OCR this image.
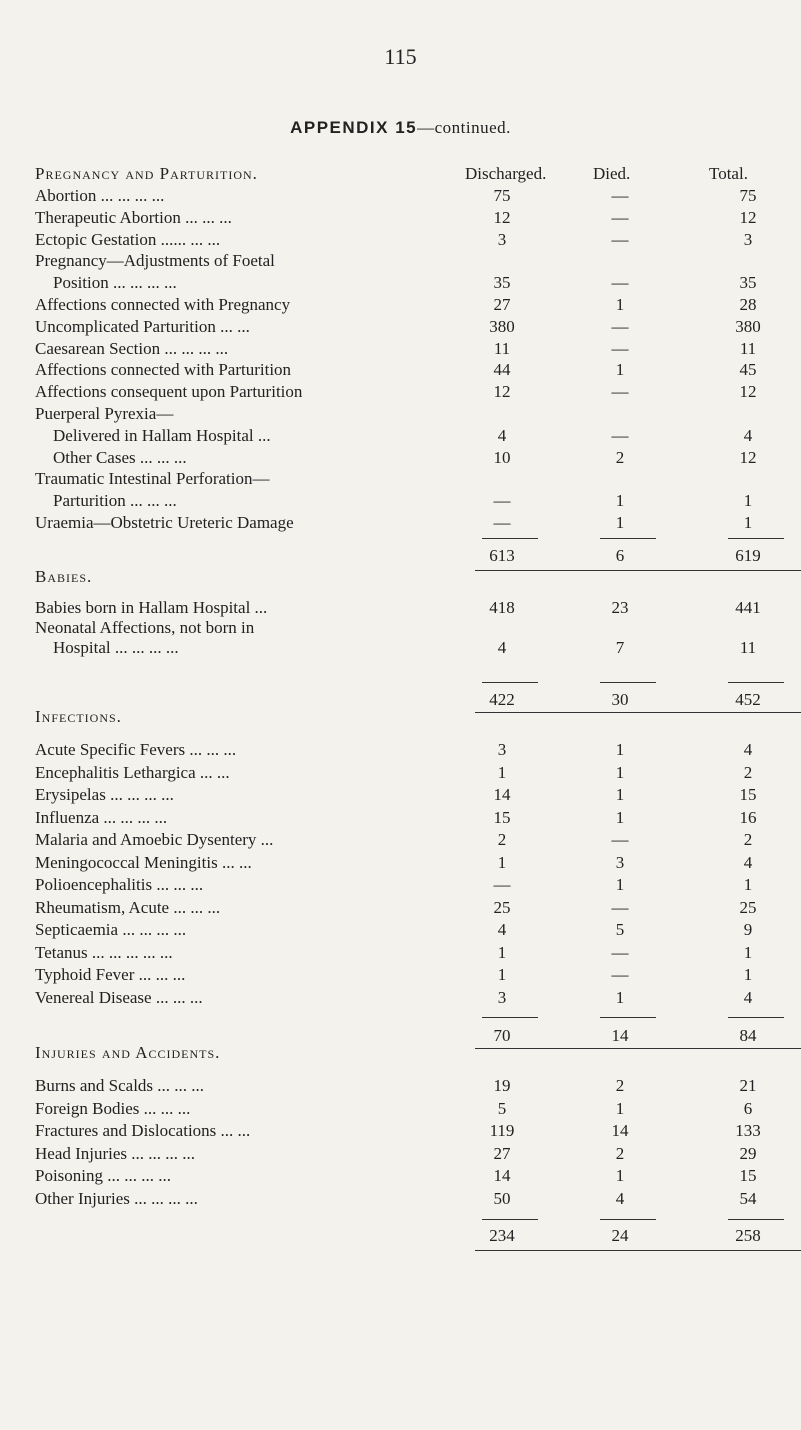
115
APPENDIX 15—continued.
Pregnancy and Parturition.	Discharged.	Died.	Total.
Abortion ... ... ... ...	75	—	75
Therapeutic Abortion ... ... ...	12	—	12
Ectopic Gestation ...... ... ...	3	—	3
Pregnancy—Adjustments of Foetal
Position ... ... ... ...	35	—	35
Affections connected with Pregnancy	27	1	28
Uncomplicated Parturition ... ...	380	—	380
Caesarean Section ... ... ... ...	11	—	11
Affections connected with Parturition	44	1	45
Affections consequent upon Parturition	12	—	12
Puerperal Pyrexia—
Delivered in Hallam Hospital ...	4	—	4
Other Cases ... ... ...	10	2	12
Traumatic Intestinal Perforation—
Parturition ... ... ...	—	1	1
Uraemia—Obstetric Ureteric Damage	—	1	1
613	6	619
Babies.
Babies born in Hallam Hospital ...	418	23	441
Neonatal Affections, not born in
Hospital ... ... ... ...	4	7	11
422	30	452
Infections.
Acute Specific Fevers ... ... ...	3	1	4
Encephalitis Lethargica ... ...	1	1	2
Erysipelas ... ... ... ...	14	1	15
Influenza ... ... ... ...	15	1	16
Malaria and Amoebic Dysentery ...	2	—	2
Meningococcal Meningitis ... ...	1	3	4
Polioencephalitis ... ... ...	—	1	1
Rheumatism, Acute ... ... ...	25	—	25
Septicaemia ... ... ... ...	4	5	9
Tetanus ... ... ... ... ...	1	—	1
Typhoid Fever ... ... ...	1	—	1
Venereal Disease ... ... ...	3	1	4
70	14	84
Injuries and Accidents.
Burns and Scalds ... ... ...	19	2	21
Foreign Bodies ... ... ...	5	1	6
Fractures and Dislocations ... ...	119	14	133
Head Injuries ... ... ... ...	27	2	29
Poisoning ... ... ... ...	14	1	15
Other Injuries ... ... ... ...	50	4	54
234	24	258
